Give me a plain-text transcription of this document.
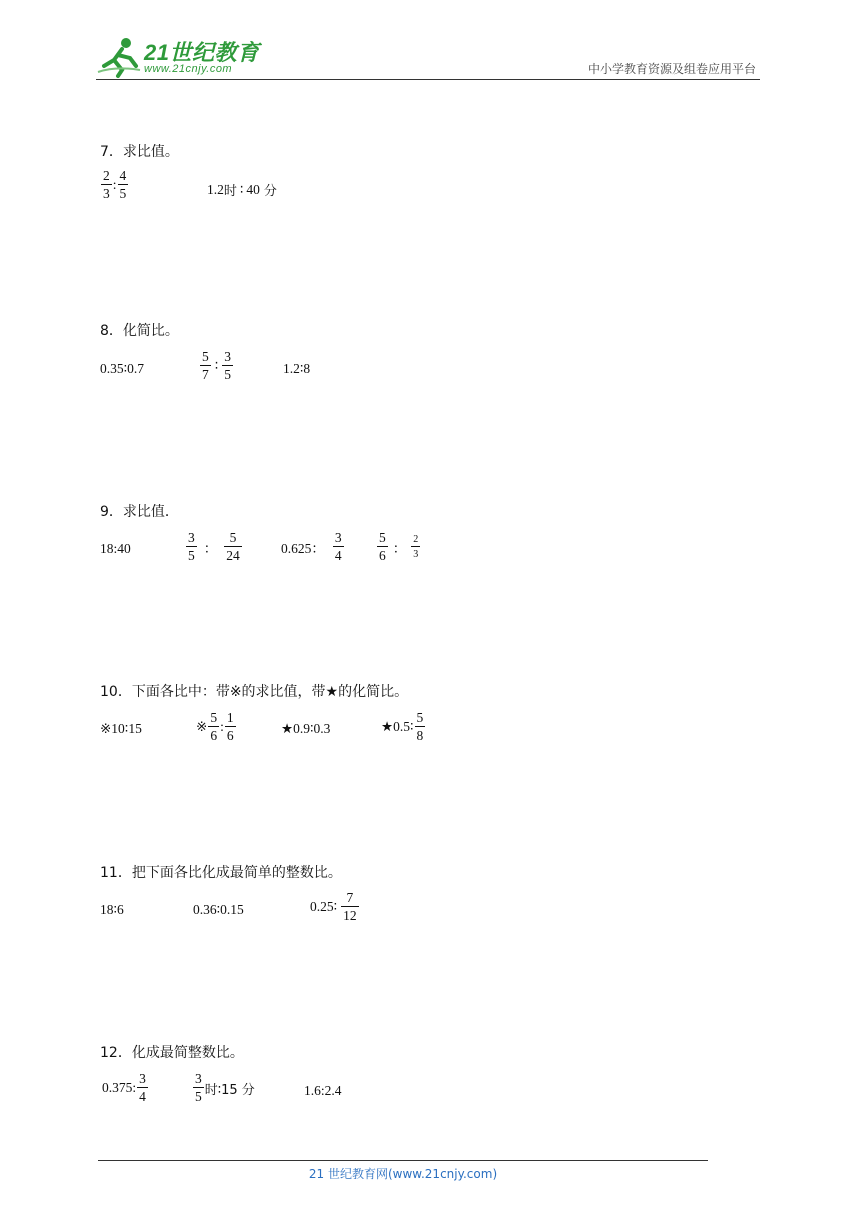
21世纪教育
www.21cnjy.com	中小学教育资源及组卷应用平台
7．求比值。
$\frac{2}{3}$ : $\frac{4}{5}$	1.2 时 ∶ 40 分
8．化简比。
0.35∶0.7	$\frac{5}{7}$ ∶ $\frac{3}{5}$	1.2∶8
9．求比值．
18:40	$\frac{3}{5}$ ： $\frac{5}{24}$	0.625： $\frac{3}{4} \frac{5}{6}$ ： $\frac{2}{3}$
10．下面各比中：带※的求比值，带★的化简比。
※10∶15	※ $\frac{5}{6}$ : $\frac{1}{6}$	★0.9∶0.3	★0.5∶ $\frac{5}{8}$
11．把下面各比化成最简单的整数比。
18∶6	0.36∶0.15	0.25∶ $\frac{7}{12}$
12．化成最简整数比。
0.375: $\frac{3}{4}$	$\frac{3}{5}$ 时∶15 分	1.6:2.4
21 世纪教育网(www.21cnjy.com)
